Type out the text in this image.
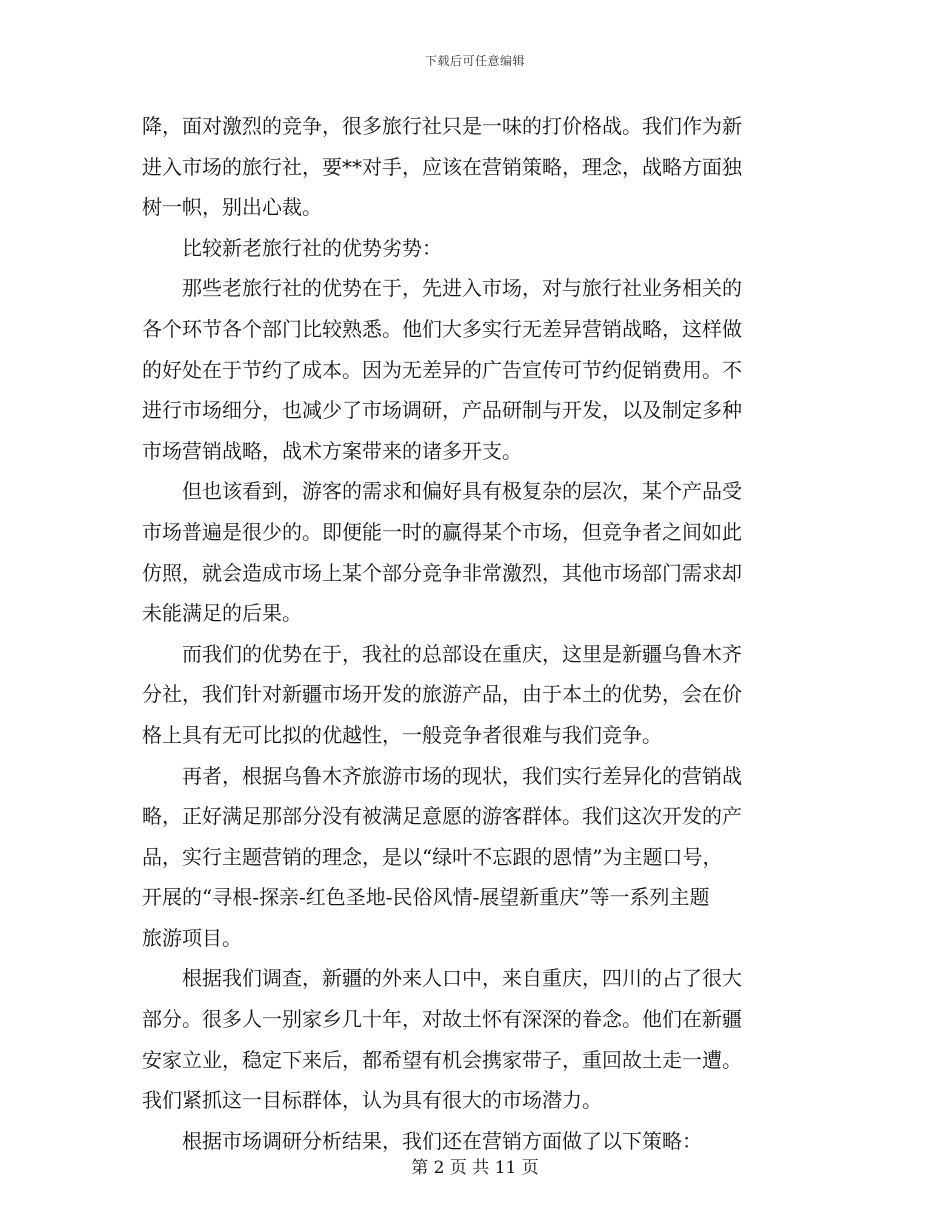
下载后可任意编辑
降，面对激烈的竞争，很多旅行社只是一味的打价格战。我们作为新
进入市场的旅行社，要**对手，应该在营销策略，理念，战略方面独
树一帜，别出心裁。
　　比较新老旅行社的优势劣势：
　　那些老旅行社的优势在于，先进入市场，对与旅行社业务相关的
各个环节各个部门比较熟悉。他们大多实行无差异营销战略，这样做
的好处在于节约了成本。因为无差异的广告宣传可节约促销费用。不
进行市场细分，也减少了市场调研，产品研制与开发，以及制定多种
市场营销战略，战术方案带来的诸多开支。
　　但也该看到，游客的需求和偏好具有极复杂的层次，某个产品受
市场普遍是很少的。即便能一时的赢得某个市场，但竞争者之间如此
仿照，就会造成市场上某个部分竞争非常激烈，其他市场部门需求却
未能满足的后果。
　　而我们的优势在于，我社的总部设在重庆，这里是新疆乌鲁木齐
分社，我们针对新疆市场开发的旅游产品，由于本土的优势，会在价
格上具有无可比拟的优越性，一般竞争者很难与我们竞争。
　　再者，根据乌鲁木齐旅游市场的现状，我们实行差异化的营销战
略，正好满足那部分没有被满足意愿的游客群体。我们这次开发的产
品，实行主题营销的理念，是以“绿叶不忘跟的恩情”为主题口号，
开展的“寻根-探亲-红色圣地-民俗风情-展望新重庆”等一系列主题
旅游项目。
　　根据我们调查，新疆的外来人口中，来自重庆，四川的占了很大
部分。很多人一别家乡几十年，对故土怀有深深的眷念。他们在新疆
安家立业，稳定下来后，都希望有机会携家带子，重回故土走一遭。
我们紧抓这一目标群体，认为具有很大的市场潜力。
　　根据市场调研分析结果，我们还在营销方面做了以下策略：
第 2 页 共 11 页
